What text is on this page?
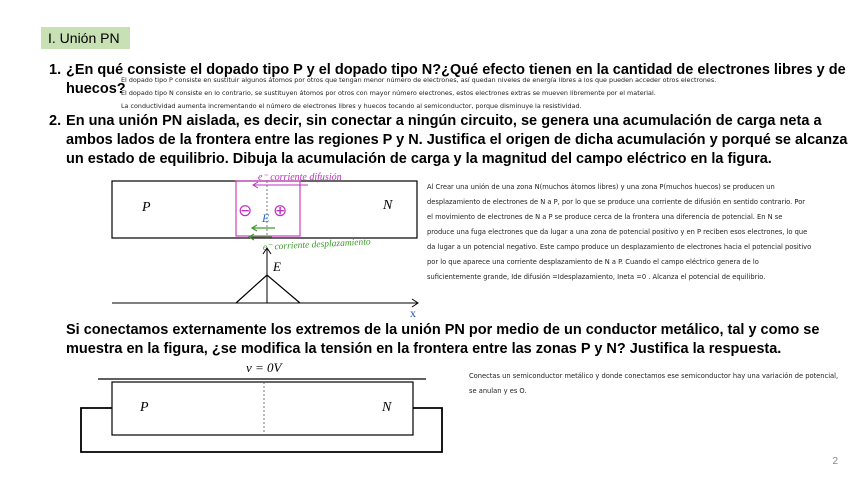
I. Unión PN
1. ¿En qué consiste el dopado tipo P y el dopado tipo N?¿Qué efecto tienen en la cantidad de electrones libres y de
huecos?
El dopado tipo P consiste en sustituir algunos átomos por otros que tengan menor número de electrones, así quedan niveles de energía libres a los que pueden acceder otros electrones.
El dopado tipo N consiste en lo contrario, se sustituyen átomos por otros con mayor número electrones, estos electrones extras se mueven libremente por el material.
La conductividad aumenta incrementando el número de electrones libres y huecos tocando al semiconductor, porque disminuye la resistividad.
2. En una unión PN aislada, es decir, sin conectar a ningún circuito, se genera una acumulación de carga neta a
ambos lados de la frontera entre las regiones P y N. Justifica el origen de dicha acumulación y porqué se alcanza
un estado de equilibrio. Dibuja la acumulación de carga y la magnitud del campo eléctrico en la figura.
P	N
e⁻ corriente difusión
⊖ ⊕
E
e⁻ corriente desplazamiento
E
x
Al Crear una unión de una zona N(muchos átomos libres) y una zona P(muchos huecos) se producen un
desplazamiento de electrones de N a P, por lo que se produce una corriente de difusión en sentido contrario. Por
el movimiento de electrones de N a P se produce cerca de la frontera una diferencia de potencial. En N se
produce una fuga electrones que da lugar a una zona de potencial positivo y en P reciben esos electrones, lo que
da lugar a un potencial negativo. Este campo produce un desplazamiento de electrones hacia el potencial positivo
por lo que aparece una corriente desplazamiento de N a P. Cuando el campo eléctrico genera de lo
suficientemente grande, Ide difusión =Idesplazamiento, Ineta =0 . Alcanza el potencial de equilibrio.
Si conectamos externamente los extremos de la unión PN por medio de un conductor metálico, tal y como se
muestra en la figura, ¿se modifica la tensión en la frontera entre las zonas P y N? Justifica la respuesta.
v = 0V
P	N
Conectas un semiconductor metálico y donde conectamos ese semiconductor hay una variación de potencial,
se anulan y es O.
2
